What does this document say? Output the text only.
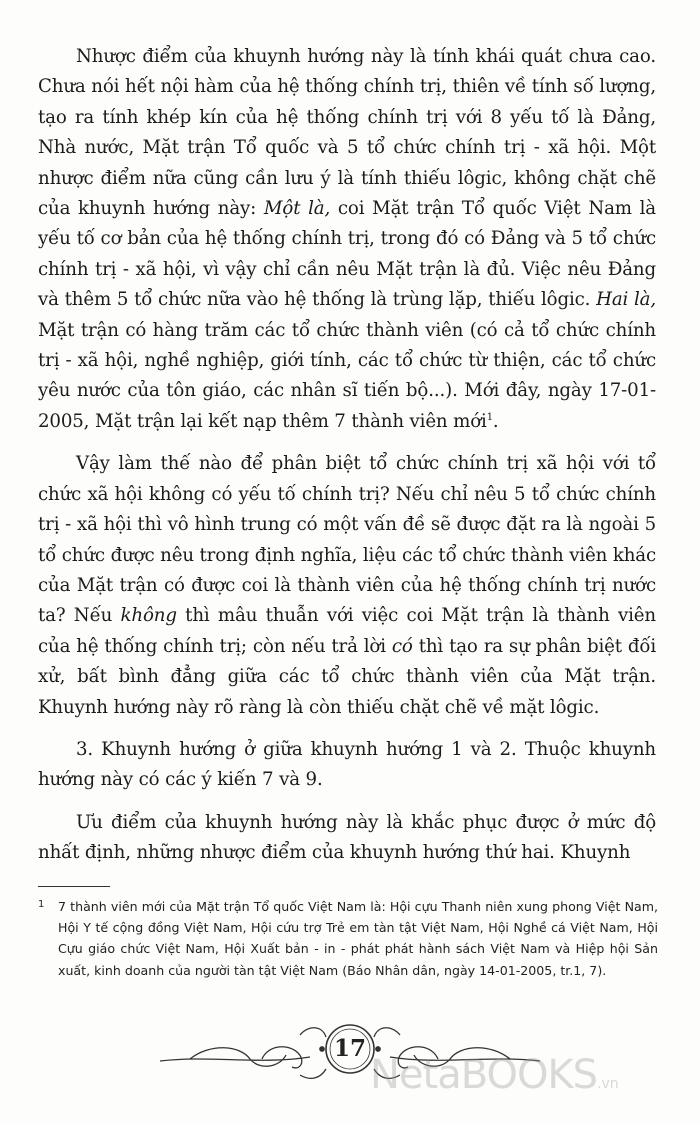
Nhược điểm của khuynh hướng này là tính khái quát chưa cao. Chưa nói hết nội hàm của hệ thống chính trị, thiên về tính số lượng, tạo ra tính khép kín của hệ thống chính trị với 8 yếu tố là Đảng, Nhà nước, Mặt trận Tổ quốc và 5 tổ chức chính trị - xã hội. Một nhược điểm nữa cũng cần lưu ý là tính thiếu lôgic, không chặt chẽ của khuynh hướng này: Một là, coi Mặt trận Tổ quốc Việt Nam là yếu tố cơ bản của hệ thống chính trị, trong đó có Đảng và 5 tổ chức chính trị - xã hội, vì vậy chỉ cần nêu Mặt trận là đủ. Việc nêu Đảng và thêm 5 tổ chức nữa vào hệ thống là trùng lặp, thiếu lôgic. Hai là, Mặt trận có hàng trăm các tổ chức thành viên (có cả tổ chức chính trị - xã hội, nghề nghiệp, giới tính, các tổ chức từ thiện, các tổ chức yêu nước của tôn giáo, các nhân sĩ tiến bộ...). Mới đây, ngày 17-01-2005, Mặt trận lại kết nạp thêm 7 thành viên mới$^1$.

Vậy làm thế nào để phân biệt tổ chức chính trị xã hội với tổ chức xã hội không có yếu tố chính trị? Nếu chỉ nêu 5 tổ chức chính trị - xã hội thì vô hình trung có một vấn đề sẽ được đặt ra là ngoài 5 tổ chức được nêu trong định nghĩa, liệu các tổ chức thành viên khác của Mặt trận có được coi là thành viên của hệ thống chính trị nước ta? Nếu không thì mâu thuẫn với việc coi Mặt trận là thành viên của hệ thống chính trị; còn nếu trả lời có thì tạo ra sự phân biệt đối xử, bất bình đẳng giữa các tổ chức thành viên của Mặt trận. Khuynh hướng này rõ ràng là còn thiếu chặt chẽ về mặt lôgic.

3. Khuynh hướng ở giữa khuynh hướng 1 và 2. Thuộc khuynh hướng này có các ý kiến 7 và 9.

Ưu điểm của khuynh hướng này là khắc phục được ở mức độ nhất định, những nhược điểm của khuynh hướng thứ hai. Khuynh

1 7 thành viên mới của Mặt trận Tổ quốc Việt Nam là: Hội cựu Thanh niên xung phong Việt Nam, Hội Y tế cộng đồng Việt Nam, Hội cứu trợ Trẻ em tàn tật Việt Nam, Hội Nghề cá Việt Nam, Hội Cựu giáo chức Việt Nam, Hội Xuất bản - in - phát phát hành sách Việt Nam và Hiệp hội Sản xuất, kinh doanh của người tàn tật Việt Nam (Báo Nhân dân, ngày 14-01-2005, tr.1, 7).
17
NetaBOOKS.vn
